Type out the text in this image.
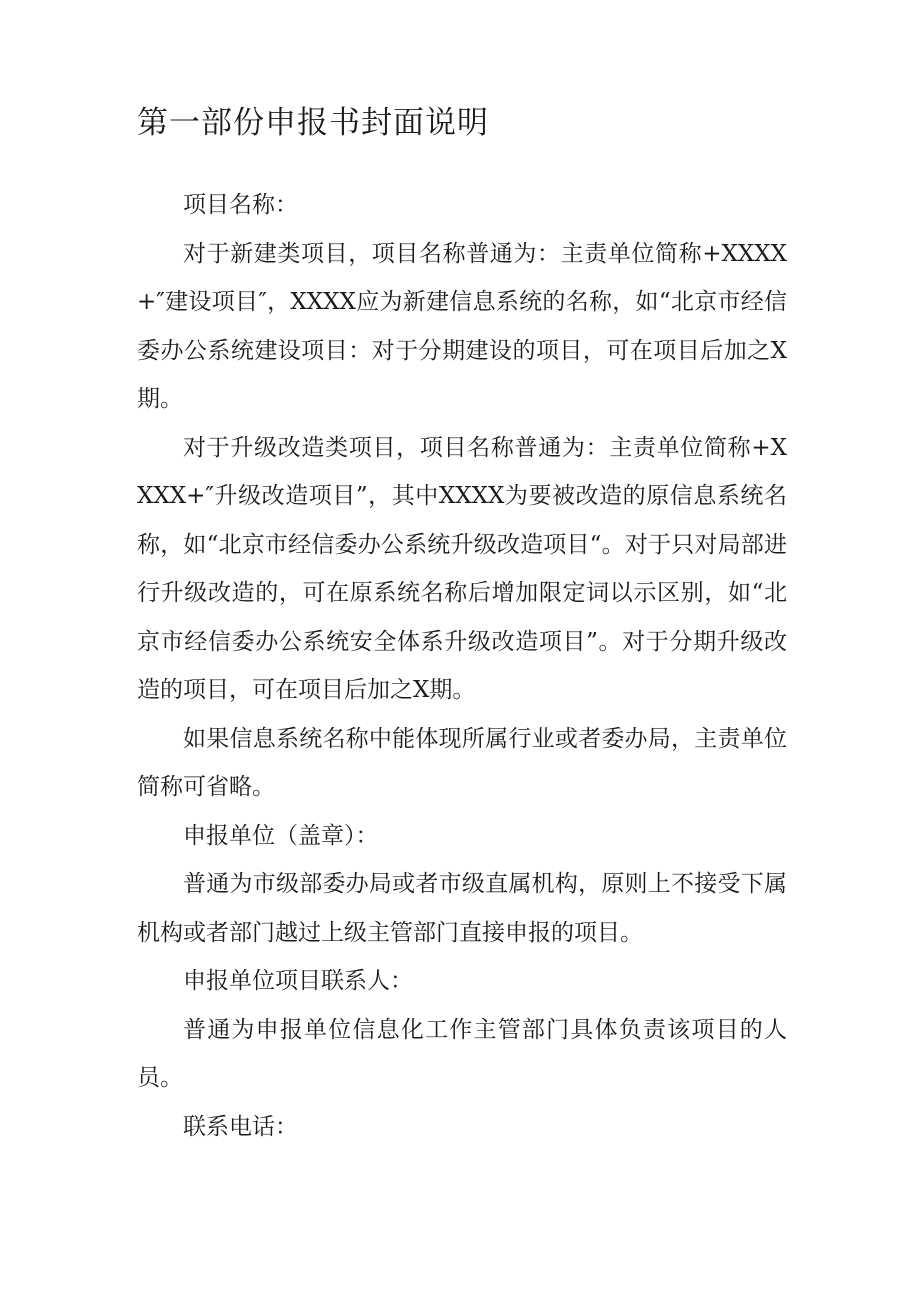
第一部份申报书封面说明

项目名称：

对于新建类项目，项目名称普通为：主责单位简称+XXXX+″建设项目″，XXXX应为新建信息系统的名称，如“北京市经信委办公系统建设项目：对于分期建设的项目，可在项目后加之X期。

对于升级改造类项目，项目名称普通为：主责单位简称+XXXX+″升级改造项目”，其中XXXX为要被改造的原信息系统名称，如“北京市经信委办公系统升级改造项目“。对于只对局部进行升级改造的，可在原系统名称后增加限定词以示区别，如“北京市经信委办公系统安全体系升级改造项目”。对于分期升级改造的项目，可在项目后加之X期。

如果信息系统名称中能体现所属行业或者委办局，主责单位简称可省略。

申报单位（盖章）：

普通为市级部委办局或者市级直属机构，原则上不接受下属机构或者部门越过上级主管部门直接申报的项目。

申报单位项目联系人：

普通为申报单位信息化工作主管部门具体负责该项目的人员。

联系电话：
